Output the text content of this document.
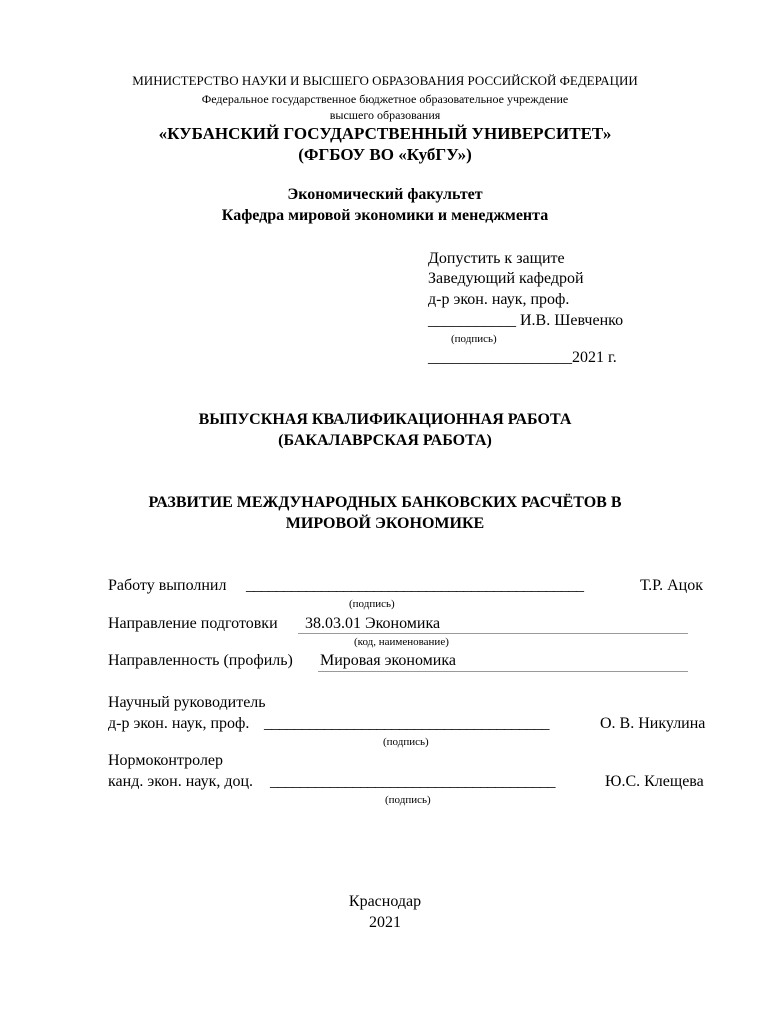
МИНИСТЕРСТВО НАУКИ И ВЫСШЕГО ОБРАЗОВАНИЯ РОССИЙСКОЙ ФЕДЕРАЦИИ
Федеральное государственное бюджетное образовательное учреждение
высшего образования
«КУБАНСКИЙ ГОСУДАРСТВЕННЫЙ УНИВЕРСИТЕТ»
(ФГБОУ ВО «КубГУ»)
Экономический факультет
Кафедра мировой экономики и менеджмента
Допустить к защите
Заведующий кафедрой
д-р экон. наук, проф.
___________ И.В. Шевченко
(подпись)
__________________2021 г.
ВЫПУСКНАЯ КВАЛИФИКАЦИОННАЯ РАБОТА
(БАКАЛАВРСКАЯ РАБОТА)
РАЗВИТИЕ МЕЖДУНАРОДНЫХ БАНКОВСКИХ РАСЧЁТОВ В
МИРОВОЙ ЭКОНОМИКЕ
Работу выполнил _____________________________________________	Т.Р. Ацок
(подпись)
Направление подготовки 38.03.01 Экономика
(код, наименование)
Направленность (профиль) Мировая экономика
Научный руководитель
д-р экон. наук, проф. ______________________________________	О. В. Никулина
(подпись)
Нормоконтролер
канд. экон. наук, доц. ______________________________________	Ю.С. Клещева
(подпись)
Краснодар
2021
